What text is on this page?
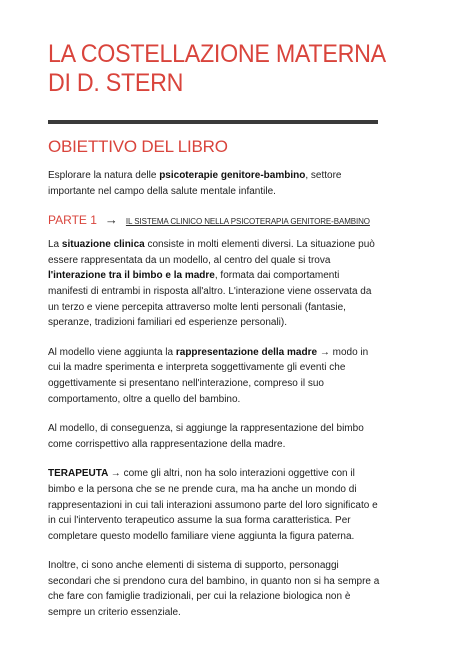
LA COSTELLAZIONE MATERNA
DI D. STERN
OBIETTIVO DEL LIBRO

Esplorare la natura delle psicoterapie genitore-bambino, settore importante nel campo della salute mentale infantile.

PARTE 1 → IL SISTEMA CLINICO NELLA PSICOTERAPIA GENITORE-BAMBINO

La situazione clinica consiste in molti elementi diversi. La situazione può essere rappresentata da un modello, al centro del quale si trova l'interazione tra il bimbo e la madre, formata dai comportamenti manifesti di entrambi in risposta all'altro. L'interazione viene osservata da un terzo e viene percepita attraverso molte lenti personali (fantasie, speranze, tradizioni familiari ed esperienze personali).

Al modello viene aggiunta la rappresentazione della madre → modo in cui la madre sperimenta e interpreta soggettivamente gli eventi che oggettivamente si presentano nell'interazione, compreso il suo comportamento, oltre a quello del bambino.

Al modello, di conseguenza, si aggiunge la rappresentazione del bimbo come corrispettivo alla rappresentazione della madre.

TERAPEUTA → come gli altri, non ha solo interazioni oggettive con il bimbo e la persona che se ne prende cura, ma ha anche un mondo di rappresentazioni in cui tali interazioni assumono parte del loro significato e in cui l'intervento terapeutico assume la sua forma caratteristica. Per completare questo modello familiare viene aggiunta la figura paterna.

Inoltre, ci sono anche elementi di sistema di supporto, personaggi secondari che si prendono cura del bambino, in quanto non si ha sempre a che fare con famiglie tradizionali, per cui la relazione biologica non è sempre un criterio essenziale.
